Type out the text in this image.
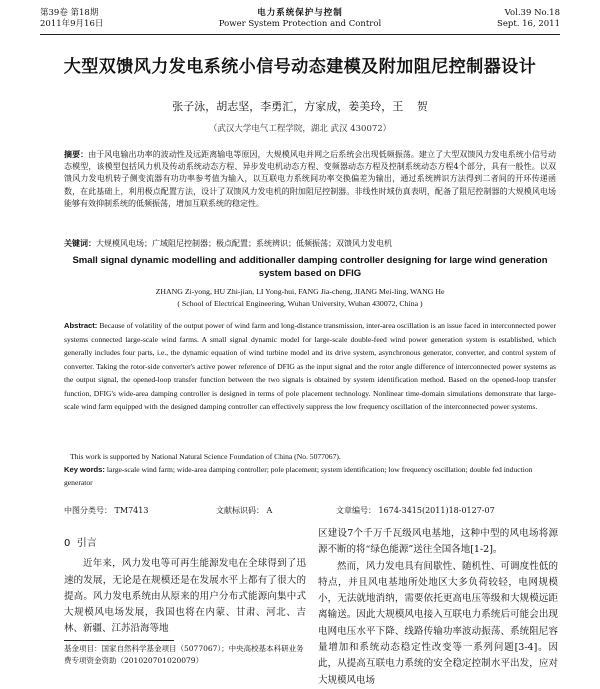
第39卷 第18期
2011年9月16日
电力系统保护与控制
Power System Protection and Control
Vol.39 No.18
Sept. 16, 2011
大型双馈风力发电系统小信号动态建模及附加阻尼控制器设计
张子泳，胡志坚，李勇汇，方家成，姜美玲，王 贺
（武汉大学电气工程学院，湖北 武汉 430072）
摘要：由于风电输出功率的波动性及远距离输电等原因，大规模风电并网之后系统会出现低频振荡。建立了大型双馈风力发电系统小信号动态模型，该模型包括风力机及传动系统动态方程、异步发电机动态方程、变频器动态方程及控制系统动态方程4个部分，具有一般性。以双馈风力发电机转子侧变流器有功功率参考值为输入，以互联电力系统间功率交换偏差为输出，通过系统辨识方法得到二者间的开环传递函数，在此基础上，利用极点配置方法，设计了双馈风力发电机的附加阻尼控制器。非线性时域仿真表明，配备了阻尼控制器的大规模风电场能够有效抑制系统的低频振荡，增加互联系统的稳定性。
关键词：大规模风电场；广域阻尼控制器；极点配置；系统辨识；低频振荡；双馈风力发电机
Small signal dynamic modelling and additionaller damping controller designing for large wind generation system based on DFIG
ZHANG Zi-yong, HU Zhi-jian, LI Yong-hui, FANG Jia-cheng, JIANG Mei-ling, WANG He
( School of Electrical Engineering, Wuhan University, Wuhan 430072, China )
Abstract: Because of volatility of the output power of wind farm and long-distance transmission, inter-area oscillation is an issue faced in interconnected power systems connected large-scale wind farms. A small signal dynamic model for large-scale double-feed wind power generation system is established, which generally includes four parts, i.e., the dynamic equation of wind turbine model and its drive system, asynchronous generator, converter, and control system of converter. Taking the rotor-side converter's active power reference of DFIG as the input signal and the rotor angle difference of interconnected power systems as the output signal, the opened-loop transfer function between the two signals is obtained by system identification method. Based on the opened-loop transfer function, DFIG's wide-area damping controller is designed in terms of pole placement technology. Nonlinear time-domain simulations demonstrate that large-scale wind farm equipped with the designed damping controller can effectively suppress the low frequency oscillation of the interconnected power systems.
This work is supported by National Natural Science Foundation of China (No. 5077067).
Key words: large-scale wind farm; wide-area damping controller; pole placement; system identification; low frequency oscillation; double fed induction generator
中图分类号： TM7413	文献标识码： A	文章编号： 1674-3415(2011)18-0127-07
0 引言

近年来，风力发电等可再生能源发电在全球得到了迅速的发展，无论是在规模还是在发展水平上都有了很大的提高。风力发电系统由从原来的用户分布式能源向集中式大规模风电场发展，我国也将在内蒙、甘肃、河北、吉林、新疆、江苏沿海等地

区建设7个千万千瓦级风电基地，这种中型的风电场将源源不断的将“绿色能源”送往全国各地[1-2]。

然而，风力发电具有间歇性、随机性、可调度性低的特点，并且风电基地所处地区大多负荷较轻，电网规模小，无法就地消纳，需要依托更高电压等级和大规模远距离输送。因此大规模风电接入互联电力系统后可能会出现电网电压水平下降、线路传输功率波动振荡、系统阻尼容量增加和系统动态稳定性改变等一系列问题[3-4]。因此，从提高互联电力系统的安全稳定控制水平出发，应对大规模风电场

基金项目：国家自然科学基金项目（5077067）；中央高校基本科研业务费专项资金资助（201020701020079）
